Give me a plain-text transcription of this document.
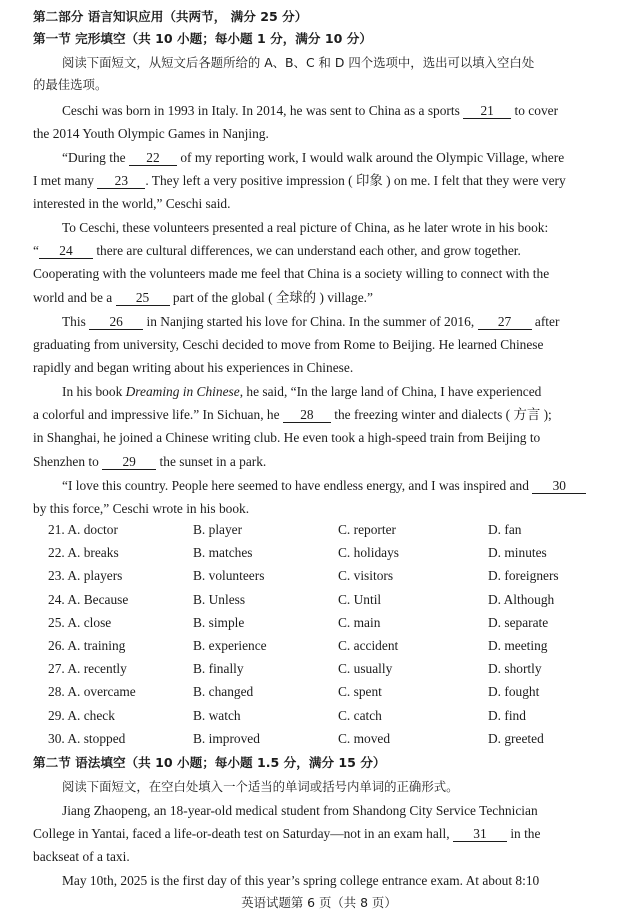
第二部分 语言知识应用（共两节， 满分 25 分）
第一节 完形填空（共 10 小题；每小题 1 分，满分 10 分）
阅读下面短文，从短文后各题所给的 A、B、C 和 D 四个选项中，选出可以填入空白处
的最佳选项。
Ceschi was born in 1993 in Italy. In 2014, he was sent to China as a sports 21 to cover
the 2014 Youth Olympic Games in Nanjing.
“During the 22 of my reporting work, I would walk around the Olympic Village, where
I met many 23 . They left a very positive impression ( 印象 ) on me. I felt that they were very
interested in the world,” Ceschi said.
To Ceschi, these volunteers presented a real picture of China, as he later wrote in his book:
“ 24 there are cultural differences, we can understand each other, and grow together.
Cooperating with the volunteers made me feel that China is a society willing to connect with the
world and be a 25 part of the global ( 全球的 ) village.”
This 26 in Nanjing started his love for China. In the summer of 2016, 27 after
graduating from university, Ceschi decided to move from Rome to Beijing. He learned Chinese
rapidly and began writing about his experiences in Chinese.
In his book Dreaming in Chinese, he said, “In the large land of China, I have experienced
a colorful and impressive life.” In Sichuan, he 28 the freezing winter and dialects ( 方言 );
in Shanghai, he joined a Chinese writing club. He even took a high-speed train from Beijing to
Shenzhen to 29 the sunset in a park.
“I love this country. People here seemed to have endless energy, and I was inspired and 30
by this force,” Ceschi wrote in his book.
21. A. doctor	B. player	C. reporter	D. fan
22. A. breaks	B. matches	C. holidays	D. minutes
23. A. players	B. volunteers	C. visitors	D. foreigners
24. A. Because	B. Unless	C. Until	D. Although
25. A. close	B. simple	C. main	D. separate
26. A. training	B. experience	C. accident	D. meeting
27. A. recently	B. finally	C. usually	D. shortly
28. A. overcame	B. changed	C. spent	D. fought
29. A. check	B. watch	C. catch	D. find
30. A. stopped	B. improved	C. moved	D. greeted
第二节 语法填空（共 10 小题；每小题 1.5 分，满分 15 分）
阅读下面短文，在空白处填入一个适当的单词或括号内单词的正确形式。
Jiang Zhaopeng, an 18-year-old medical student from Shandong City Service Technician
College in Yantai, faced a life-or-death test on Saturday—not in an exam hall, 31 in the
backseat of a taxi.
May 10th, 2025 is the first day of this year’s spring college entrance exam. At about 8:10
英语试题第 6 页（共 8 页）
